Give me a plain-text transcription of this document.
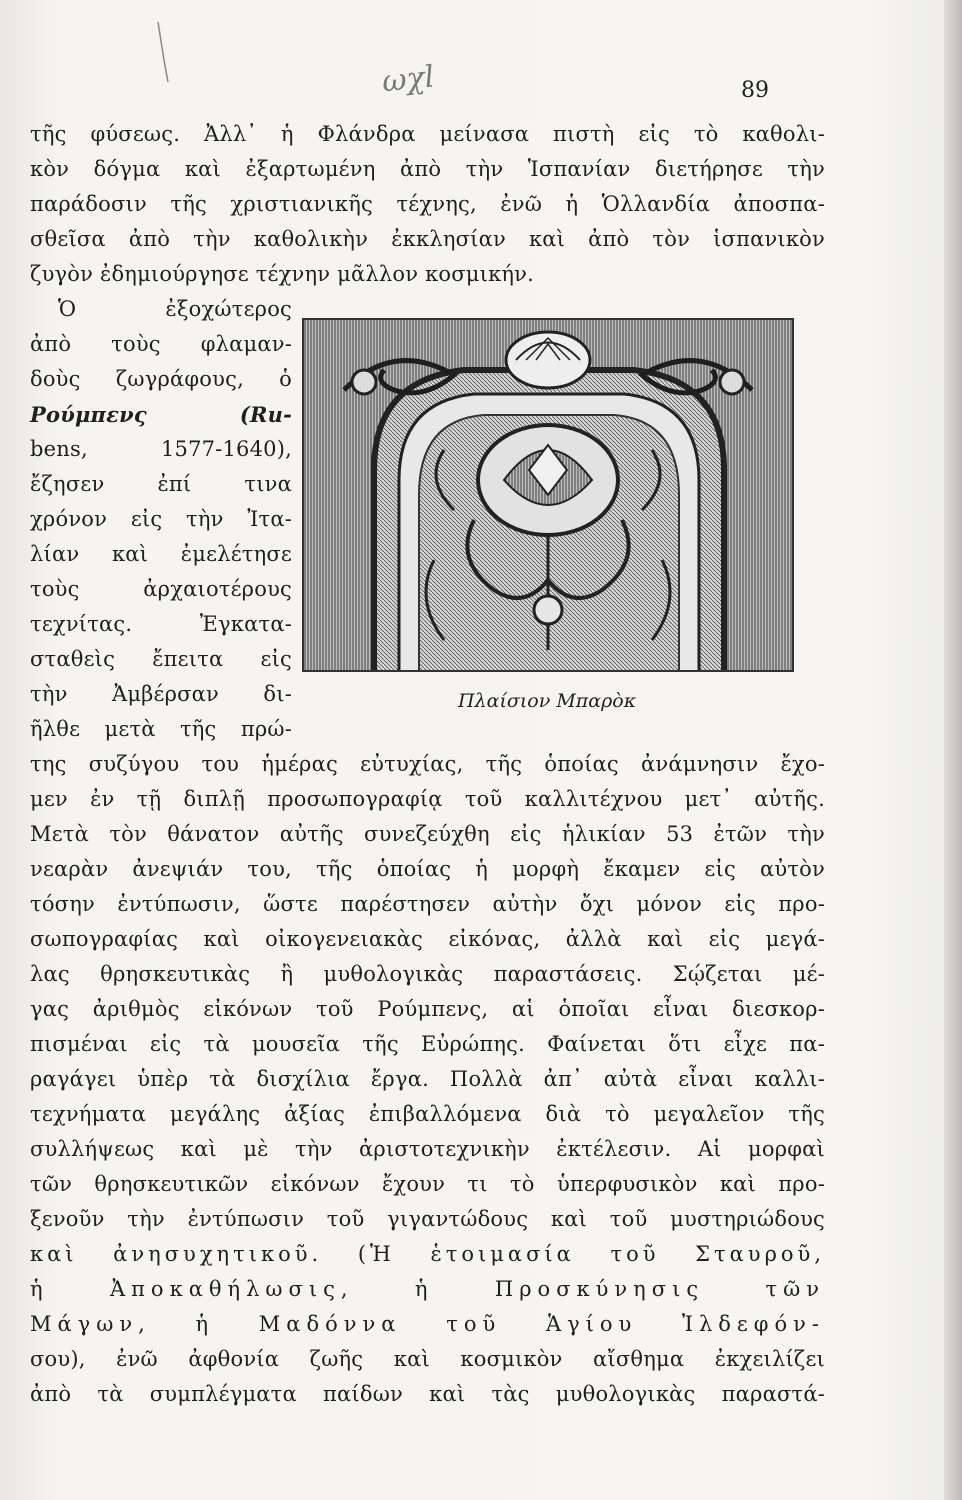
ωχl	89
τῆς φύσεως. Ἀλλ᾽ ἡ Φλάνδρα μείνασα πιστὴ εἰς τὸ καθολι-
κὸν δόγμα καὶ ἐξαρτωμένη ἀπὸ τὴν Ἱσπανίαν διετήρησε τὴν
παράδοσιν τῆς χριστιανικῆς τέχνης, ἐνῶ ἡ Ὁλλανδία ἀποσπα-
σθεῖσα ἀπὸ τὴν καθολικὴν ἐκκλησίαν καὶ ἀπὸ τὸν ἱσπανικὸν
ζυγὸν ἐδημιούργησε τέχνην μᾶλλον κοσμικήν.
Ὁ ἐξοχώτερος
ἀπὸ τοὺς φλαμαν-
δοὺς ζωγράφους, ὁ
Ρούμπενς (Ru-
bens, 1577-1640),
ἔζησεν ἐπί τινα
χρόνον εἰς τὴν Ἰτα-
λίαν καὶ ἐμελέτησε
τοὺς ἀρχαιοτέρους
τεχνίτας. Ἐγκατα-
σταθεὶς ἔπειτα εἰς
τὴν Ἀμβέρσαν δι-
ῆλθε μετὰ τῆς πρώ-
Πλαίσιον Μπαρὸκ
της συζύγου του ἡμέρας εὐτυχίας, τῆς ὁποίας ἀνάμνησιν ἔχο-
μεν ἐν τῇ διπλῇ προσωπογραφίᾳ τοῦ καλλιτέχνου μετ᾽ αὐτῆς.
Μετὰ τὸν θάνατον αὐτῆς συνεζεύχθη εἰς ἡλικίαν 53 ἐτῶν τὴν
νεαρὰν ἀνεψιάν του, τῆς ὁποίας ἡ μορφὴ ἔκαμεν εἰς αὐτὸν
τόσην ἐντύπωσιν, ὥστε παρέστησεν αὐτὴν ὄχι μόνον εἰς προ-
σωπογραφίας καὶ οἰκογενειακὰς εἰκόνας, ἀλλὰ καὶ εἰς μεγά-
λας θρησκευτικὰς ἢ μυθολογικὰς παραστάσεις. Σῴζεται μέ-
γας ἀριθμὸς εἰκόνων τοῦ Ρούμπενς, αἱ ὁποῖαι εἶναι διεσκορ-
πισμέναι εἰς τὰ μουσεῖα τῆς Εὐρώπης. Φαίνεται ὅτι εἶχε πα-
ραγάγει ὑπὲρ τὰ δισχίλια ἔργα. Πολλὰ ἀπ᾽ αὐτὰ εἶναι καλλι-
τεχνήματα μεγάλης ἀξίας ἐπιβαλλόμενα διὰ τὸ μεγαλεῖον τῆς
συλλήψεως καὶ μὲ τὴν ἀριστοτεχνικὴν ἐκτέλεσιν. Αἱ μορφαὶ
τῶν θρησκευτικῶν εἰκόνων ἔχουν τι τὸ ὑπερφυσικὸν καὶ προ-
ξενοῦν τὴν ἐντύπωσιν τοῦ γιγαντώδους καὶ τοῦ μυστηριώδους
καὶ ἀνησυχητικοῦ. (Ἡ ἑτοιμασία τοῦ Σταυροῦ,
ἡ Ἀποκαθήλωσις, ἡ Προσκύνησις τῶν
Μάγων, ἡ Μαδόννα τοῦ Ἁγίου Ἰλδεφόν-
σου), ἐνῶ ἀφθονία ζωῆς καὶ κοσμικὸν αἴσθημα ἐκχειλίζει
ἀπὸ τὰ συμπλέγματα παίδων καὶ τὰς μυθολογικὰς παραστά-
